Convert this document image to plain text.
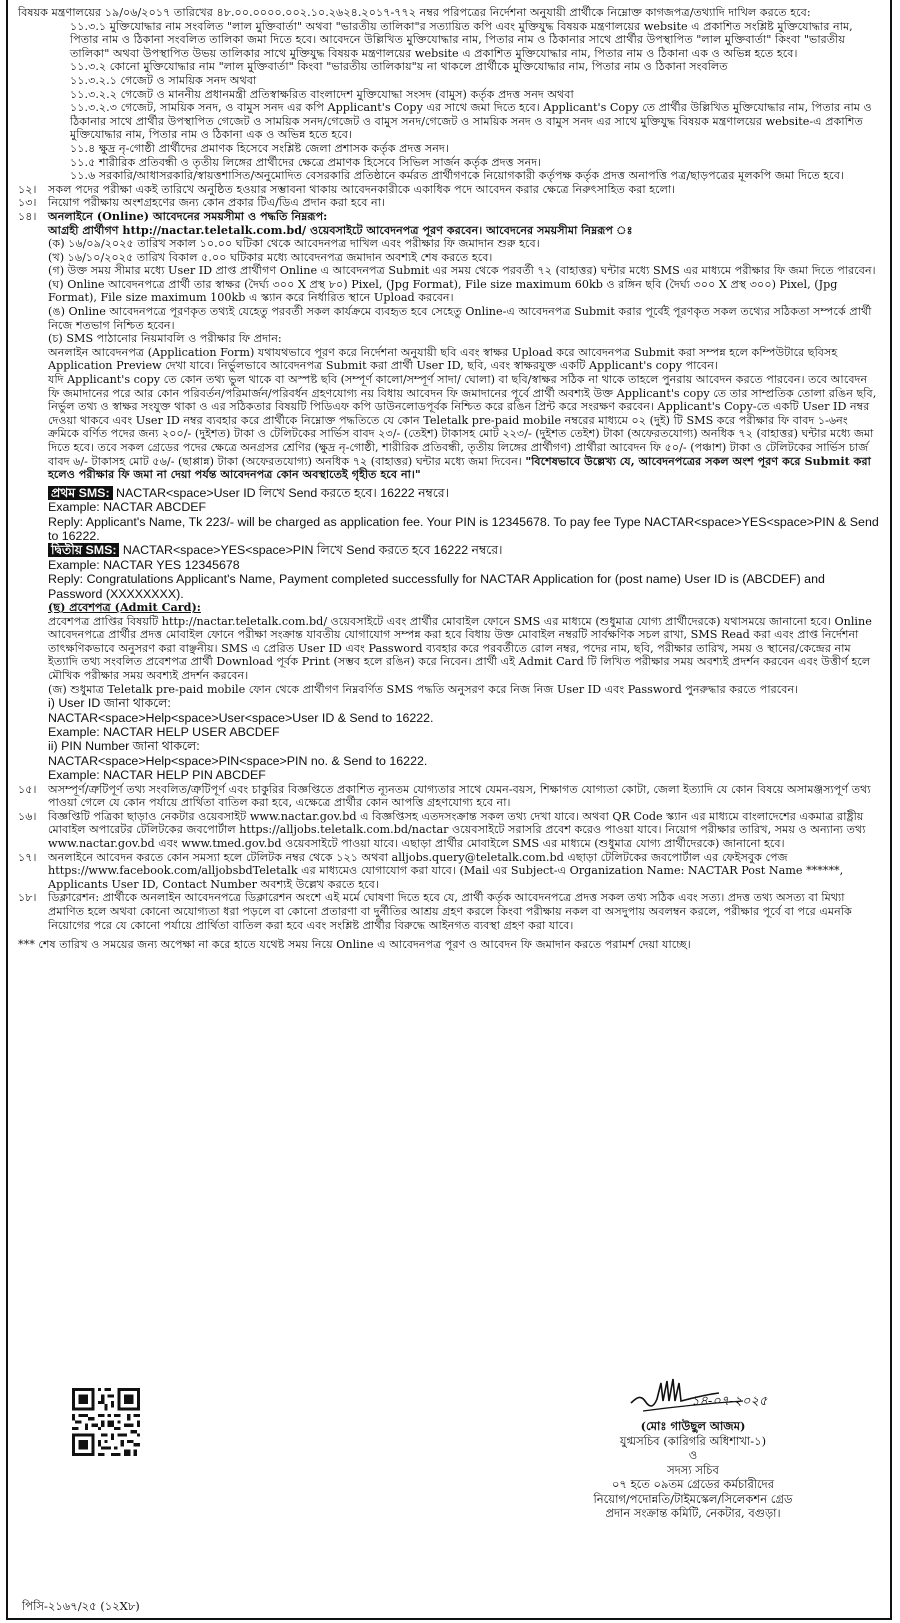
বিষয়ক মন্ত্রণালয়ের ১৯/০৬/২০১৭ তারিখের ৪৮.০০.০০০০.০০২.১০.২৬২৪.২০১৭-৭৭২ নম্বর পরিপত্রের নির্দেশনা অনুযায়ী প্রার্থীকে নিম্নোক্ত কাগজপত্র/তথ্যাদি দাখিল করতে হবে:

১১.৩.১ মুক্তিযোদ্ধার নাম সংবলিত "লাল মুক্তিবার্তা" অথবা "ভারতীয় তালিকা"র সত্যায়িত কপি এবং মুক্তিযুদ্ধ বিষয়ক মন্ত্রণালয়ের website এ প্রকাশিত সংশ্লিষ্ট মুক্তিযোদ্ধার নাম, পিতার নাম ও ঠিকানা সংবলিত তালিকা জমা দিতে হবে। আবেদনে উল্লিখিত মুক্তিযোদ্ধার নাম, পিতার নাম ও ঠিকানার সাথে প্রার্থীর উপস্থাপিত "লাল মুক্তিবার্তা" কিংবা "ভারতীয় তালিকা" অথবা উপস্থাপিত উভয় তালিকার সাথে মুক্তিযুদ্ধ বিষয়ক মন্ত্রণালয়ের website এ প্রকাশিত মুক্তিযোদ্ধার নাম, পিতার নাম ও ঠিকানা এক ও অভিন্ন হতে হবে।

১১.৩.২ কোনো মুক্তিযোদ্ধার নাম "লাল মুক্তিবার্তা" কিংবা "ভারতীয় তালিকায়"য় না থাকলে প্রার্থীকে মুক্তিযোদ্ধার নাম, পিতার নাম ও ঠিকানা সংবলিত

১১.৩.২.১ গেজেট ও সাময়িক সনদ অথবা

১১.৩.২.২ গেজেট ও মাননীয় প্রধানমন্ত্রী প্রতিস্বাক্ষরিত বাংলাদেশ মুক্তিযোদ্ধা সংসদ (বামুস) কর্তৃক প্রদত্ত সনদ অথবা

১১.৩.২.৩ গেজেট, সাময়িক সনদ, ও বামুস সনদ এর কপি Applicant's Copy এর সাথে জমা দিতে হবে। Applicant's Copy তে প্রার্থীর উল্লিখিত মুক্তিযোদ্ধার নাম, পিতার নাম ও ঠিকানার সাথে প্রার্থীর উপস্থাপিত গেজেট ও সাময়িক সনদ/গেজেট ও বামুস সনদ/গেজেট ও সাময়িক সনদ ও বামুস সনদ এর সাথে মুক্তিযুদ্ধ বিষয়ক মন্ত্রণালয়ের website-এ প্রকাশিত মুক্তিযোদ্ধার নাম, পিতার নাম ও ঠিকানা এক ও অভিন্ন হতে হবে।

১১.৪ ক্ষুদ্র নৃ-গোষ্ঠী প্রার্থীদের প্রমাণক হিসেবে সংশ্লিষ্ট জেলা প্রশাসক কর্তৃক প্রদত্ত সনদ।

১১.৫ শারীরিক প্রতিবন্ধী ও তৃতীয় লিঙ্গের প্রার্থীদের ক্ষেত্রে প্রমাণক হিসেবে সিভিল সার্জন কর্তৃক প্রদত্ত সনদ।

১১.৬ সরকারি/আধাসরকারি/স্বায়ত্তশাসিত/অনুমোদিত বেসরকারি প্রতিষ্ঠানে কর্মরত প্রার্থীগণকে নিয়োগকারী কর্তৃপক্ষ কর্তৃক প্রদত্ত অনাপত্তি পত্র/ছাড়পত্রের মূলকপি জমা দিতে হবে।

১২।	সকল পদের পরীক্ষা একই তারিখে অনুষ্ঠিত হওয়ার সম্ভাবনা থাকায় আবেদনকারীকে একাধিক পদে আবেদন করার ক্ষেত্রে নিরুৎসাহিত করা হলো।
১৩।	নিয়োগ পরীক্ষায় অংশগ্রহণের জন্য কোন প্রকার টিএ/ডিএ প্রদান করা হবে না।
১৪।	অনলাইনে (Online) আবেদনের সময়সীমা ও পদ্ধতি নিম্নরূপ:

আগ্রহী প্রার্থীগণ http://nactar.teletalk.com.bd/ ওয়েবসাইটে আবেদনপত্র পূরণ করবেন। আবেদনের সময়সীমা নিম্নরূপ ঃ

(ক) ১৬/০৯/২০২৫ তারিখ সকাল ১০.০০ ঘটিকা থেকে আবেদনপত্র দাখিল এবং পরীক্ষার ফি জমাদান শুরু হবে।

(খ) ১৬/১০/২০২৫ তারিখ বিকাল ৫.০০ ঘটিকার মধ্যে আবেদনপত্র জমাদান অবশ্যই শেষ করতে হবে।

(গ) উক্ত সময় সীমার মধ্যে User ID প্রাপ্ত প্রার্থীগণ Online এ আবেদনপত্র Submit এর সময় থেকে পরবর্তী ৭২ (বাহাত্তর) ঘন্টার মধ্যে SMS এর মাধ্যমে পরীক্ষার ফি জমা দিতে পারবেন।

(ঘ) Online আবেদনপত্রে প্রার্থী তার স্বাক্ষর (দৈর্ঘ্য ৩০০ X প্রস্থ ৮০) Pixel, (Jpg Format), File size maximum 60kb ও রঙ্গিন ছবি (দৈর্ঘ্য ৩০০ X প্রস্থ ৩০০) Pixel, (Jpg Format), File size maximum 100kb এ স্ক্যান করে নির্ধারিত স্থানে Upload করবেন।

(ঙ) Online আবেদনপত্রে পূরণকৃত তথ্যই যেহেতু পরবর্তী সকল কার্যক্রমে ব্যবহৃত হবে সেহেতু Online-এ আবেদনপত্র Submit করার পূর্বেই পূরণকৃত সকল তথ্যের সঠিকতা সম্পর্কে প্রার্থী নিজে শতভাগ নিশ্চিত হবেন।

(চ) SMS পাঠানোর নিয়মাবলি ও পরীক্ষার ফি প্রদান:

অনলাইন আবেদনপত্র (Application Form) যথাযথভাবে পূরণ করে নির্দেশনা অনুযায়ী ছবি এবং স্বাক্ষর Upload করে আবেদনপত্র Submit করা সম্পন্ন হলে কম্পিউটারে ছবিসহ Application Preview দেখা যাবে। নির্ভুলভাবে আবেদনপত্র Submit করা প্রার্থী User ID, ছবি, এবং স্বাক্ষরযুক্ত একটি Applicant's copy পাবেন।

যদি Applicant's copy তে কোন তথ্য ভুল থাকে বা অস্পষ্ট ছবি (সম্পূর্ণ কালো/সম্পূর্ণ সাদা/ ঘোলা) বা ছবি/স্বাক্ষর সঠিক না থাকে তাহলে পুনরায় আবেদন করতে পারবেন। তবে আবেদন ফি জমাদানের পরে আর কোন পরিবর্তন/পরিমার্জন/পরিবর্ধন গ্রহণযোগ্য নয় বিধায় আবেদন ফি জমাদানের পূর্বে প্রার্থী অবশ্যই উক্ত Applicant's copy তে তার সাম্প্রতিক তোলা রঙিন ছবি, নির্ভুল তথ্য ও স্বাক্ষর সংযুক্ত থাকা ও এর সঠিকতার বিষয়টি পিডিএফ কপি ডাউনলোডপূর্বক নিশ্চিত করে রঙিন প্রিন্ট করে সংরক্ষণ করবেন। Applicant's Copy-তে একটি User ID নম্বর দেওয়া থাকবে এবং User ID নম্বর ব্যবহার করে প্রার্থীকে নিম্নোক্ত পদ্ধতিতে যে কোন Teletalk pre-paid mobile নম্বরের মাধ্যমে ০২ (দুই) টি SMS করে পরীক্ষার ফি বাবদ ১-৬নং ক্রমিকে বর্ণিত পদের জন্য ২০০/- (দুইশত) টাকা ও টেলিটকের সার্ভিস বাবদ ২৩/- (তেইশ) টাকাসহ মোট ২২৩/- (দুইশত তেইশ) টাকা (অফেরতযোগ্য) অনধিক ৭২ (বাহাত্তর) ঘন্টার মধ্যে জমা দিতে হবে। তবে সকল গ্রেডের পদের ক্ষেত্রে অনগ্রসর শ্রেণির (ক্ষুদ্র নৃ-গোষ্ঠী, শারীরিক প্রতিবন্ধী, তৃতীয় লিঙ্গের প্রার্থীগণ) প্রার্থীরা আবেদন ফি ৫০/- (পঞ্চাশ) টাকা ও টেলিটকের সার্ভিস চার্জ বাবদ ৬/- টাকাসহ মোট ৫৬/- (ছাপ্পান্ন) টাকা (অফেরতযোগ্য) অনধিক ৭২ (বাহাত্তর) ঘন্টার মধ্যে জমা দিবেন। "বিশেষভাবে উল্লেখ্য যে, আবেদনপত্রের সকল অংশ পূরণ করে Submit করা হলেও পরীক্ষার ফি জমা না দেয়া পর্যন্ত আবেদনপত্র কোন অবস্থাতেই গৃহীত হবে না।"

প্রথম SMS: NACTAR<space>User ID লিখে Send করতে হবে। 16222 নম্বরে।

Example: NACTAR ABCDEF

Reply: Applicant's Name, Tk 223/- will be charged as application fee. Your PIN is 12345678. To pay fee Type NACTAR<space>YES<space>PIN & Send to 16222.

দ্বিতীয় SMS: NACTAR<space>YES<space>PIN লিখে Send করতে হবে 16222 নম্বরে।

Example: NACTAR YES 12345678

Reply: Congratulations Applicant's Name, Payment completed successfully for NACTAR Application for (post name) User ID is (ABCDEF) and Password (XXXXXXXX).

(ছ) প্রবেশপত্র (Admit Card):

প্রবেশপত্র প্রাপ্তির বিষয়টি http://nactar.teletalk.com.bd/ ওয়েবসাইটে এবং প্রার্থীর মোবাইল ফোনে SMS এর মাধ্যমে (শুধুমাত্র যোগ্য প্রার্থীদেরকে) যথাসময়ে জানানো হবে। Online আবেদনপত্রে প্রার্থীর প্রদত্ত মোবাইল ফোনে পরীক্ষা সংক্রান্ত যাবতীয় যোগাযোগ সম্পন্ন করা হবে বিধায় উক্ত মোবাইল নম্বরটি সার্বক্ষণিক সচল রাখা, SMS Read করা এবং প্রাপ্ত নির্দেশনা তাৎক্ষণিকভাবে অনুসরণ করা বাঞ্ছনীয়। SMS এ প্রেরিত User ID এবং Password ব্যবহার করে পরবর্তীতে রোল নম্বর, পদের নাম, ছবি, পরীক্ষার তারিখ, সময় ও স্থানের/কেন্দ্রের নাম ইত্যাদি তথ্য সংবলিত প্রবেশপত্র প্রার্থী Download পূর্বক Print (সম্ভব হলে রঙিন) করে নিবেন। প্রার্থী এই Admit Card টি লিখিত পরীক্ষার সময় অবশ্যই প্রদর্শন করবেন এবং উত্তীর্ণ হলে মৌখিক পরীক্ষার সময় অবশ্যই প্রদর্শন করবেন।

(জ) শুধুমাত্র Teletalk pre-paid mobile ফোন থেকে প্রার্থীগণ নিম্নবর্ণিত SMS পদ্ধতি অনুসরণ করে নিজ নিজ User ID এবং Password পুনরুদ্ধার করতে পারবেন।

i) User ID জানা থাকলে:

NACTAR<space>Help<space>User<space>User ID & Send to 16222.

Example: NACTAR HELP USER ABCDEF

ii) PIN Number জানা থাকলে:

NACTAR<space>Help<space>PIN<space>PIN no. & Send to 16222.

Example: NACTAR HELP PIN ABCDEF

১৫।	অসম্পূর্ণ/ত্রুটিপূর্ণ তথ্য সংবলিত/ত্রুটিপূর্ণ এবং চাকুরির বিজ্ঞপ্তিতে প্রকাশিত ন্যূনতম যোগ্যতার সাথে যেমন-বয়স, শিক্ষাগত যোগ্যতা কোটা, জেলা ইত্যাদি যে কোন বিষয়ে অসামঞ্জস্যপূর্ণ তথ্য পাওয়া গেলে যে কোন পর্যায়ে প্রার্থিতা বাতিল করা হবে, এক্ষেত্রে প্রার্থীর কোন আপত্তি গ্রহণযোগ্য হবে না।
১৬।	বিজ্ঞপ্তিটি পত্রিকা ছাড়াও নেকটার ওয়েবসাইট www.nactar.gov.bd এ বিজ্ঞপ্তিসহ এতদসংক্রান্ত সকল তথ্য দেখা যাবে। অথবা QR Code স্ক্যান এর মাধ্যমে বাংলাদেশের একমাত্র রাষ্ট্রীয় মোবাইল অপারেটর টেলিটকের জবপোর্টাল https://alljobs.teletalk.com.bd/nactar ওয়েবসাইটে সরাসরি প্রবেশ করেও পাওয়া যাবে। নিয়োগ পরীক্ষার তারিখ, সময় ও অন্যান্য তথ্য www.nactar.gov.bd এবং www.tmed.gov.bd ওয়েবসাইটে পাওয়া যাবে। এছাড়া প্রার্থীর মোবাইলে SMS এর মাধ্যমে (শুধুমাত্র যোগ্য প্রার্থীদেরকে) জানানো হবে।
১৭।	অনলাইনে আবেদন করতে কোন সমস্যা হলে টেলিটক নম্বর থেকে ১২১ অথবা alljobs.query@teletalk.com.bd এছাড়া টেলিটকের জবপোর্টাল এর ফেইসবুক পেজ https://www.facebook.com/alljobsbdTeletalk এর মাধ্যমেও যোগাযোগ করা যাবে। (Mail এর Subject-এ Organization Name: NACTAR Post Name ******, Applicants User ID, Contact Number অবশ্যই উল্লেখ করতে হবে।
১৮।	ডিক্লারেশন: প্রার্থীকে অনলাইন আবেদনপত্রে ডিক্লারেশন অংশে এই মর্মে ঘোষণা দিতে হবে যে, প্রার্থী কর্তৃক আবেদনপত্রে প্রদত্ত সকল তথ্য সঠিক এবং সত্য। প্রদত্ত তথ্য অসত্য বা মিথ্যা প্রমাণিত হলে অথবা কোনো অযোগ্যতা ধরা পড়লে বা কোনো প্রতারণা বা দুর্নীতির আশ্রয় গ্রহণ করলে কিংবা পরীক্ষায় নকল বা অসদুপায় অবলম্বন করলে, পরীক্ষার পূর্বে বা পরে এমনকি নিয়োগের পরে যে কোনো পর্যায়ে প্রার্থিতা বাতিল করা হবে এবং সংশ্লিষ্ট প্রার্থীর বিরুদ্ধে আইনগত ব্যবস্থা গ্রহণ করা যাবে।

*** শেষ তারিখ ও সময়ের জন্য অপেক্ষা না করে হাতে যথেষ্ট সময় নিয়ে Online এ আবেদনপত্র পূরণ ও আবেদন ফি জমাদান করতে পরামর্শ দেয়া যাচ্ছে।

১৪-০৭-২০২৫
(মোঃ গাউছুল আজম)
যুগ্মসচিব (কারিগরি অধিশাখা-১)
ও
সদস্য সচিব
০৭ হতে ০৯তম গ্রেডের কর্মচারীদের
নিয়োগ/পদোন্নতি/টাইমস্কেল/সিলেকশন গ্রেড
প্রদান সংক্রান্ত কমিটি, নেকটার, বগুড়া।
পিসি-২১৬৭/২৫ (১২X৮)
